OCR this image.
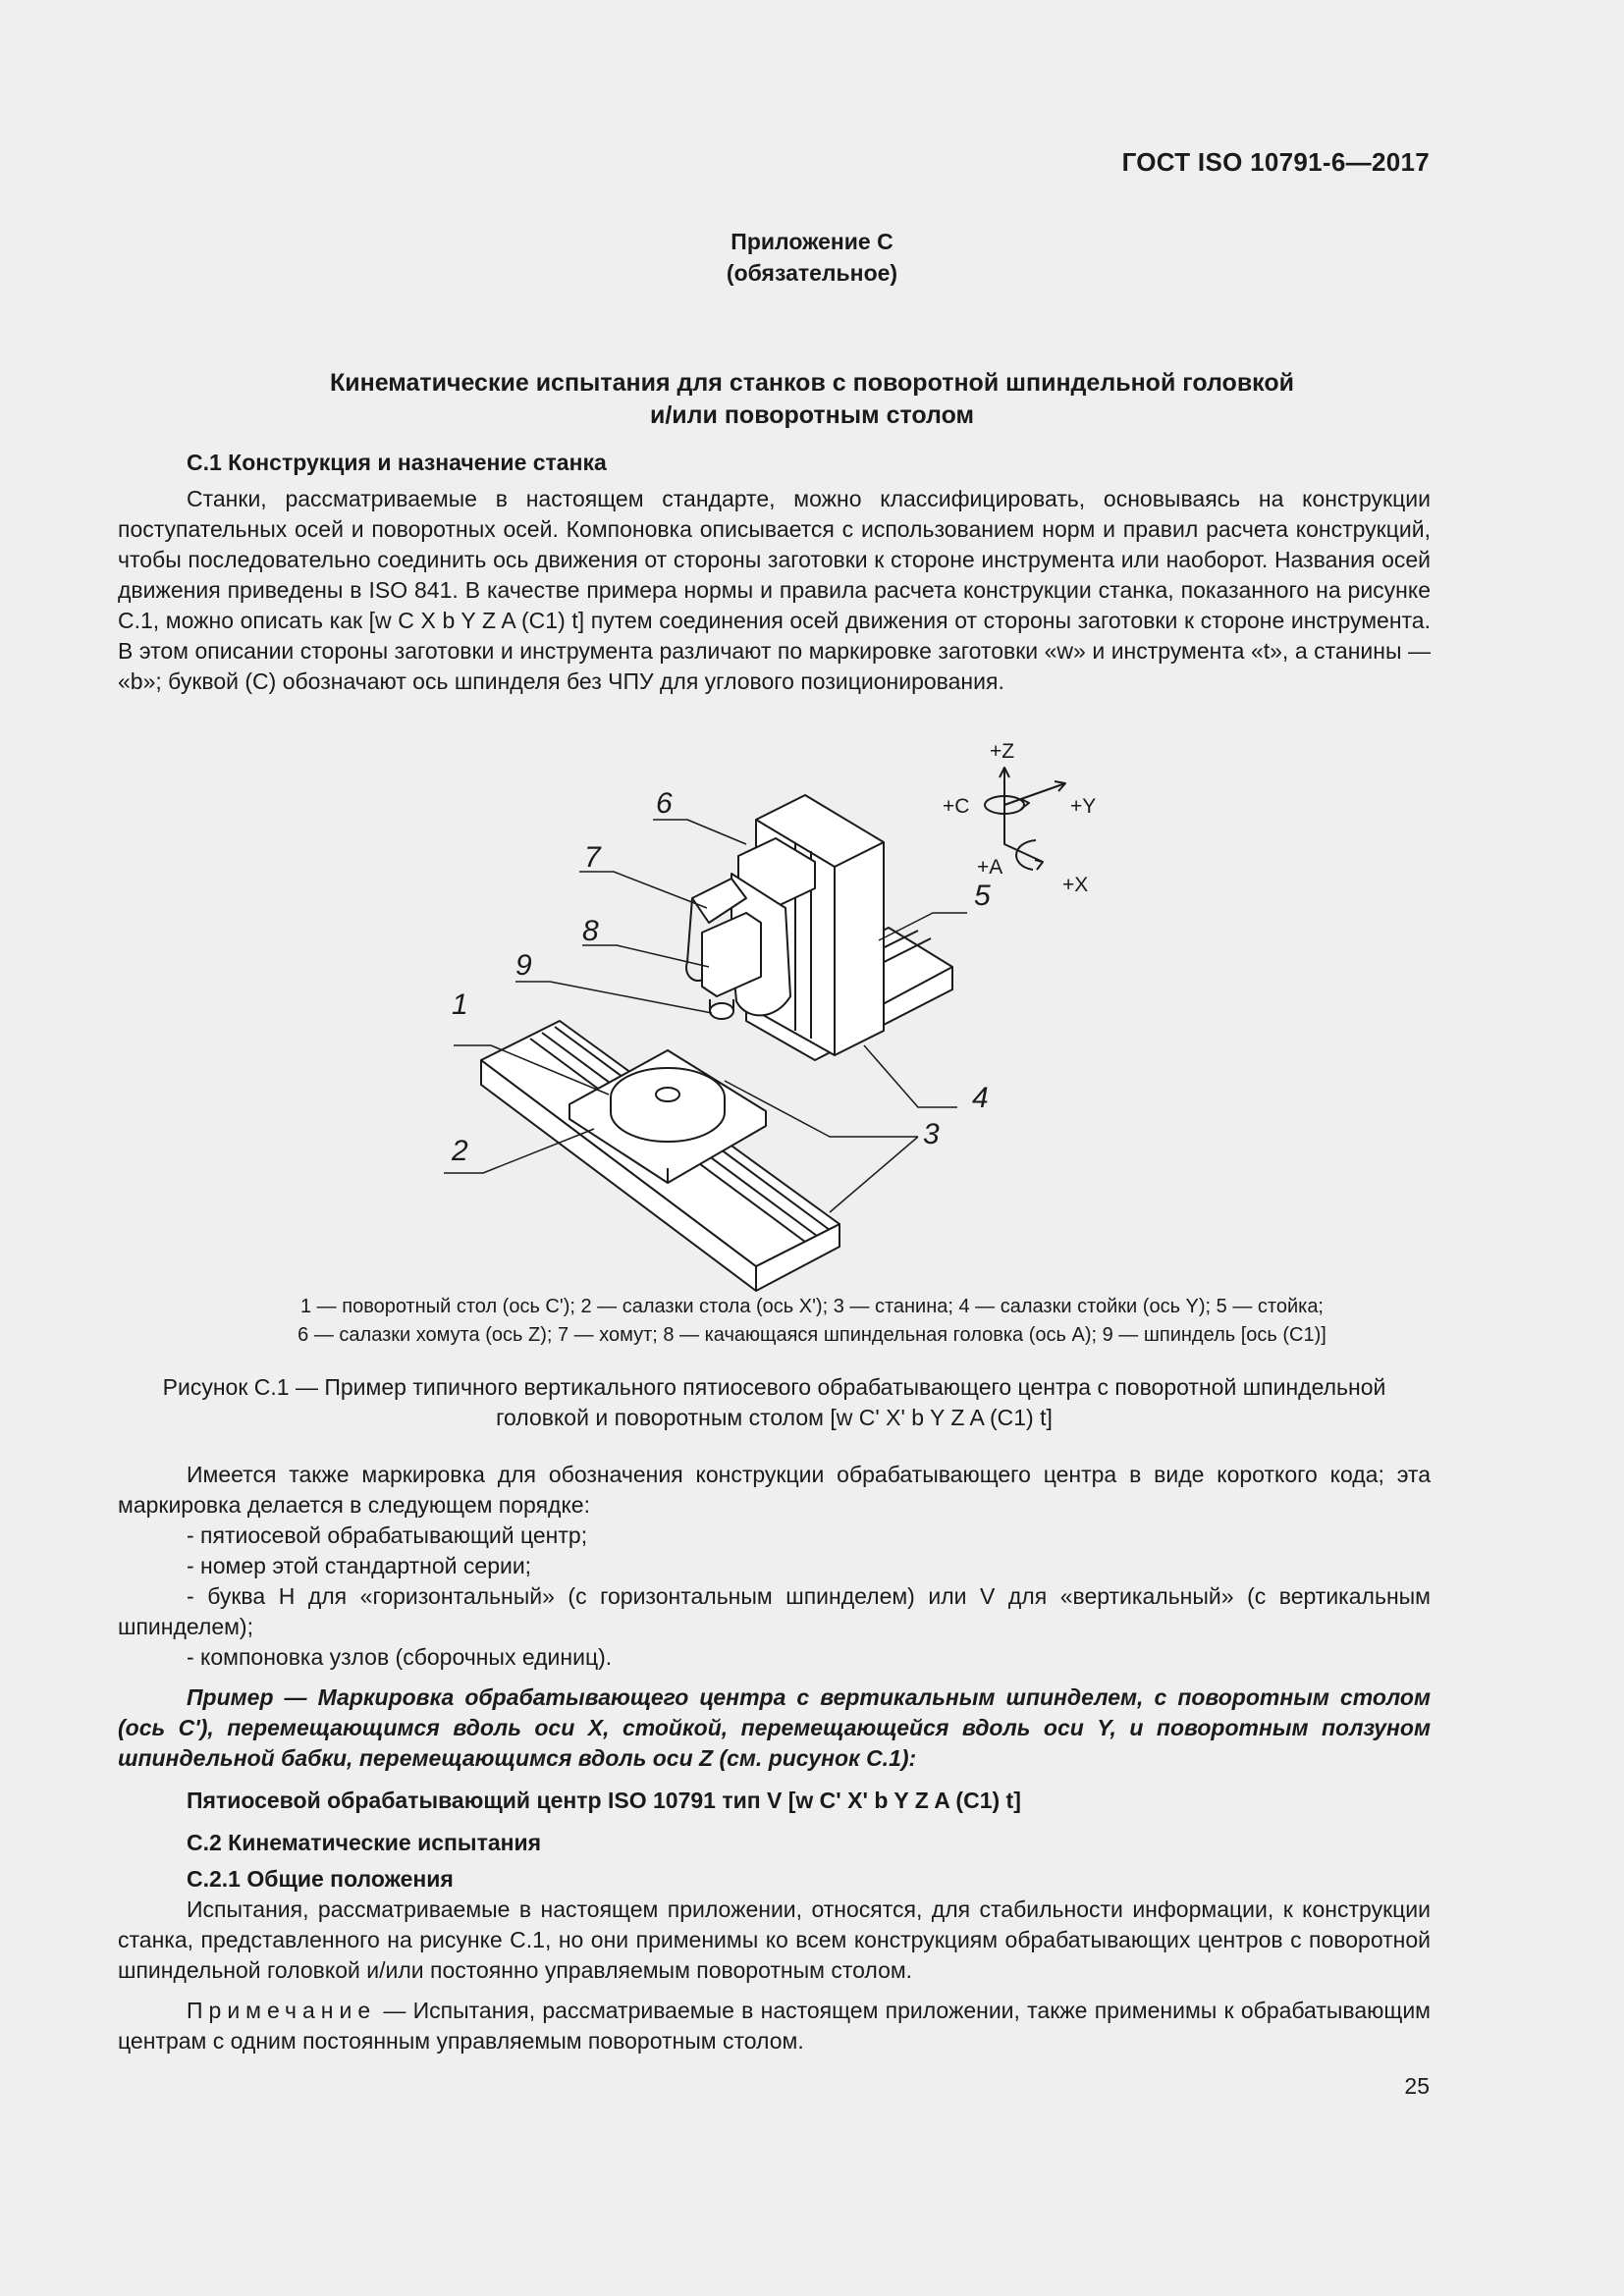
ГОСТ ISO 10791-6—2017
Приложение С
(обязательное)
Кинематические испытания для станков с поворотной шпиндельной головкой
и/или поворотным столом

С.1 Конструкция и назначение станка

Станки, рассматриваемые в настоящем стандарте, можно классифицировать, основываясь на конструкции поступательных осей и поворотных осей. Компоновка описывается с использованием норм и правил расчета конструкций, чтобы последовательно соединить ось движения от стороны заготовки к стороне инструмента или наоборот. Названия осей движения приведены в ISO 841. В качестве примера нормы и правила расчета конструкции станка, показанного на рисунке С.1, можно описать как [w C X b Y Z A (C1) t] путем соединения осей движения от стороны заготовки к стороне инструмента. В этом описании стороны заготовки и инструмента различают по маркировке заготовки «w» и инструмента «t», а станины — «b»; буквой (C) обозначают ось шпинделя без ЧПУ для углового позиционирования.

1
2
3
4
5
6
7
8
9
+Z
+C	+Y
+A
+X
1 — поворотный стол (ось C'); 2 — салазки стола (ось X'); 3 — станина; 4 — салазки стойки (ось Y); 5 — стойка;
6 — салазки хомута (ось Z); 7 — хомут; 8 — качающаяся шпиндельная головка (ось A); 9 — шпиндель [ось (C1)]
Рисунок С.1 — Пример типичного вертикального пятиосевого обрабатывающего центра с поворотной шпиндельной головкой и поворотным столом [w C' X' b Y Z A (C1) t]

Имеется также маркировка для обозначения конструкции обрабатывающего центра в виде короткого кода; эта маркировка делается в следующем порядке:

- пятиосевой обрабатывающий центр;

- номер этой стандартной серии;

- буква H для «горизонтальный» (с горизонтальным шпинделем) или V для «вертикальный» (с вертикальным шпинделем);

- компоновка узлов (сборочных единиц).

Пример — Маркировка обрабатывающего центра с вертикальным шпинделем, с поворотным столом (ось С'), перемещающимся вдоль оси X, стойкой, перемещающейся вдоль оси Y, и поворотным ползуном шпиндельной бабки, перемещающимся вдоль оси Z (см. рисунок С.1):

Пятиосевой обрабатывающий центр ISO 10791 тип V [w C' X' b Y Z A (C1) t]

С.2 Кинематические испытания

С.2.1 Общие положения

Испытания, рассматриваемые в настоящем приложении, относятся, для стабильности информации, к конструкции станка, представленного на рисунке С.1, но они применимы ко всем конструкциям обрабатывающих центров с поворотной шпиндельной головкой и/или постоянно управляемым поворотным столом.

Примечание — Испытания, рассматриваемые в настоящем приложении, также применимы к обрабатывающим центрам с одним постоянным управляемым поворотным столом.

25
